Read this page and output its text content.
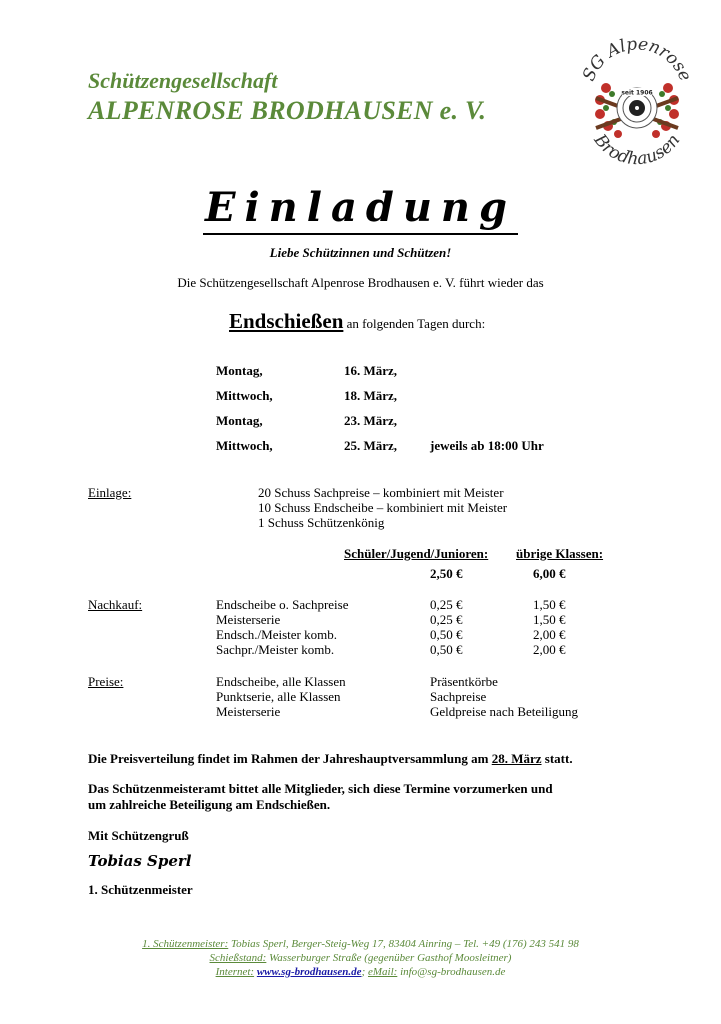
Schützengesellschaft
ALPENROSE BRODHAUSEN e. V.
SG Alpenrose
Brodhausen
seit 1906
Einladung
Liebe Schützinnen und Schützen!
Die Schützengesellschaft Alpenrose Brodhausen e. V. führt wieder das
Endschießen an folgenden Tagen durch:
Montag,	16. März,
Mittwoch,	18. März,
Montag,	23. März,
Mittwoch,	25. März,	jeweils ab 18:00 Uhr
Einlage:	20 Schuss Sachpreise – kombiniert mit Meister
10 Schuss Endscheibe – kombiniert mit Meister
1 Schuss Schützenkönig
Schüler/Jugend/Junioren: übrige Klassen:
2,50 €	6,00 €
Nachkauf:	Endscheibe o. Sachpreise	0,25 €	1,50 €
Meisterserie	0,25 €	1,50 €
Endsch./Meister komb.	0,50 €	2,00 €
Sachpr./Meister komb.	0,50 €	2,00 €
Preise:	Endscheibe, alle Klassen	Präsentkörbe
Punktserie, alle Klassen	Sachpreise
Meisterserie	Geldpreise nach Beteiligung
Die Preisverteilung findet im Rahmen der Jahreshauptversammlung am 28. März statt.
Das Schützenmeisteramt bittet alle Mitglieder, sich diese Termine vorzumerken und
um zahlreiche Beteiligung am Endschießen.
Mit Schützengruß
Tobias Sperl
1. Schützenmeister
1. Schützenmeister: Tobias Sperl, Berger-Steig-Weg 17, 83404 Ainring – Tel. +49 (176) 243 541 98
Schießstand: Wasserburger Straße (gegenüber Gasthof Moosleitner)
Internet: www.sg-brodhausen.de; eMail: info@sg-brodhausen.de
